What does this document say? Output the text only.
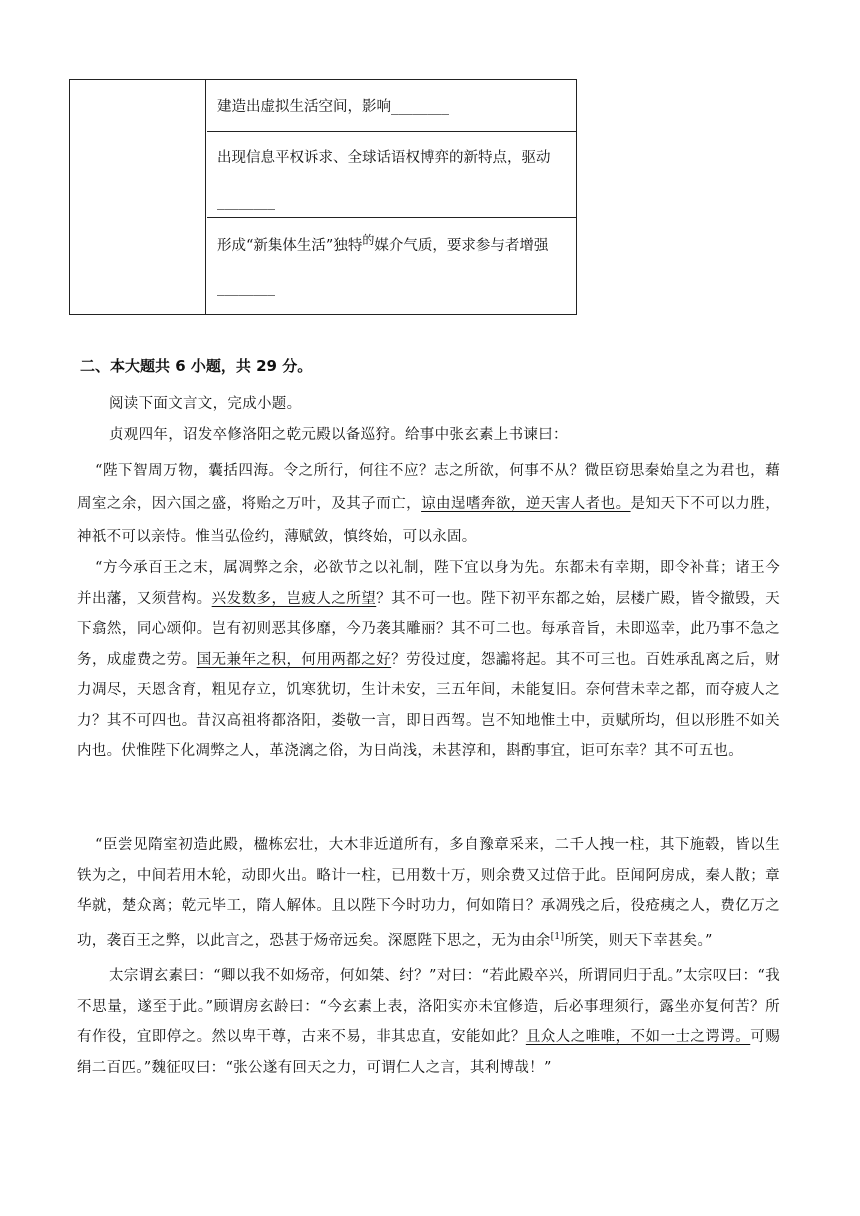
建造出虚拟生活空间，影响________
出现信息平权诉求、全球话语权博弈的新特点，驱动
________
形成“新集体生活”独特$^的$媒介气质，要求参与者增强________
二、本大题共 6 小题，共 29 分。
阅读下面文言文，完成小题。
贞观四年，诏发卒修洛阳之乾元殿以备巡狩。给事中张玄素上书谏曰：
“陛下智周万物，囊括四海。令之所行，何往不应？志之所欲，何事不从？微臣窃思秦始皇之为君也，藉周室之余，因六国之盛，将贻之万叶，及其子而亡，谅由逞嗜奔欲，逆天害人者也。是知天下不可以力胜，神祇不可以亲恃。惟当弘俭约，薄赋敛，慎终始，可以永固。
“方今承百王之末，属凋弊之余，必欲节之以礼制，陛下宜以身为先。东都未有幸期，即令补葺；诸王今并出藩，又须营构。兴发数多，岂疲人之所望？其不可一也。陛下初平东都之始，层楼广殿，皆令撤毁，天下翕然，同心颂仰。岂有初则恶其侈靡，今乃袭其雕丽？其不可二也。每承音旨，未即巡幸，此乃事不急之务，成虚费之劳。国无兼年之积，何用两都之好？劳役过度，怨讟将起。其不可三也。百姓承乱离之后，财力凋尽，天恩含育，粗见存立，饥寒犹切，生计未安，三五年间，未能复旧。奈何营未幸之都，而夺疲人之力？其不可四也。昔汉高祖将都洛阳，娄敬一言，即日西驾。岂不知地惟土中，贡赋所均，但以形胜不如关内也。伏惟陛下化凋弊之人，革浇漓之俗，为日尚浅，未甚淳和，斟酌事宜，讵可东幸？其不可五也。
“臣尝见隋室初造此殿，楹栋宏壮，大木非近道所有，多自豫章采来，二千人拽一柱，其下施毂，皆以生铁为之，中间若用木轮，动即火出。略计一柱，已用数十万，则余费又过倍于此。臣闻阿房成，秦人散；章华就，楚众离；乾元毕工，隋人解体。且以陛下今时功力，何如隋日？承凋残之后，役疮痍之人，费亿万之功，袭百王之弊，以此言之，恐甚于炀帝远矣。深愿陛下思之，无为由余[1]所笑，则天下幸甚矣。”
太宗谓玄素曰：“卿以我不如炀帝，何如桀、纣？”对曰：“若此殿卒兴，所谓同归于乱。”太宗叹曰：“我不思量，遂至于此。”顾谓房玄龄曰：“今玄素上表，洛阳实亦未宜修造，后必事理须行，露坐亦复何苦？所有作役，宜即停之。然以卑干尊，古来不易，非其忠直，安能如此？且众人之唯唯，不如一士之谔谔。可赐绢二百匹。”魏征叹曰：“张公遂有回天之力，可谓仁人之言，其利博哉！”
